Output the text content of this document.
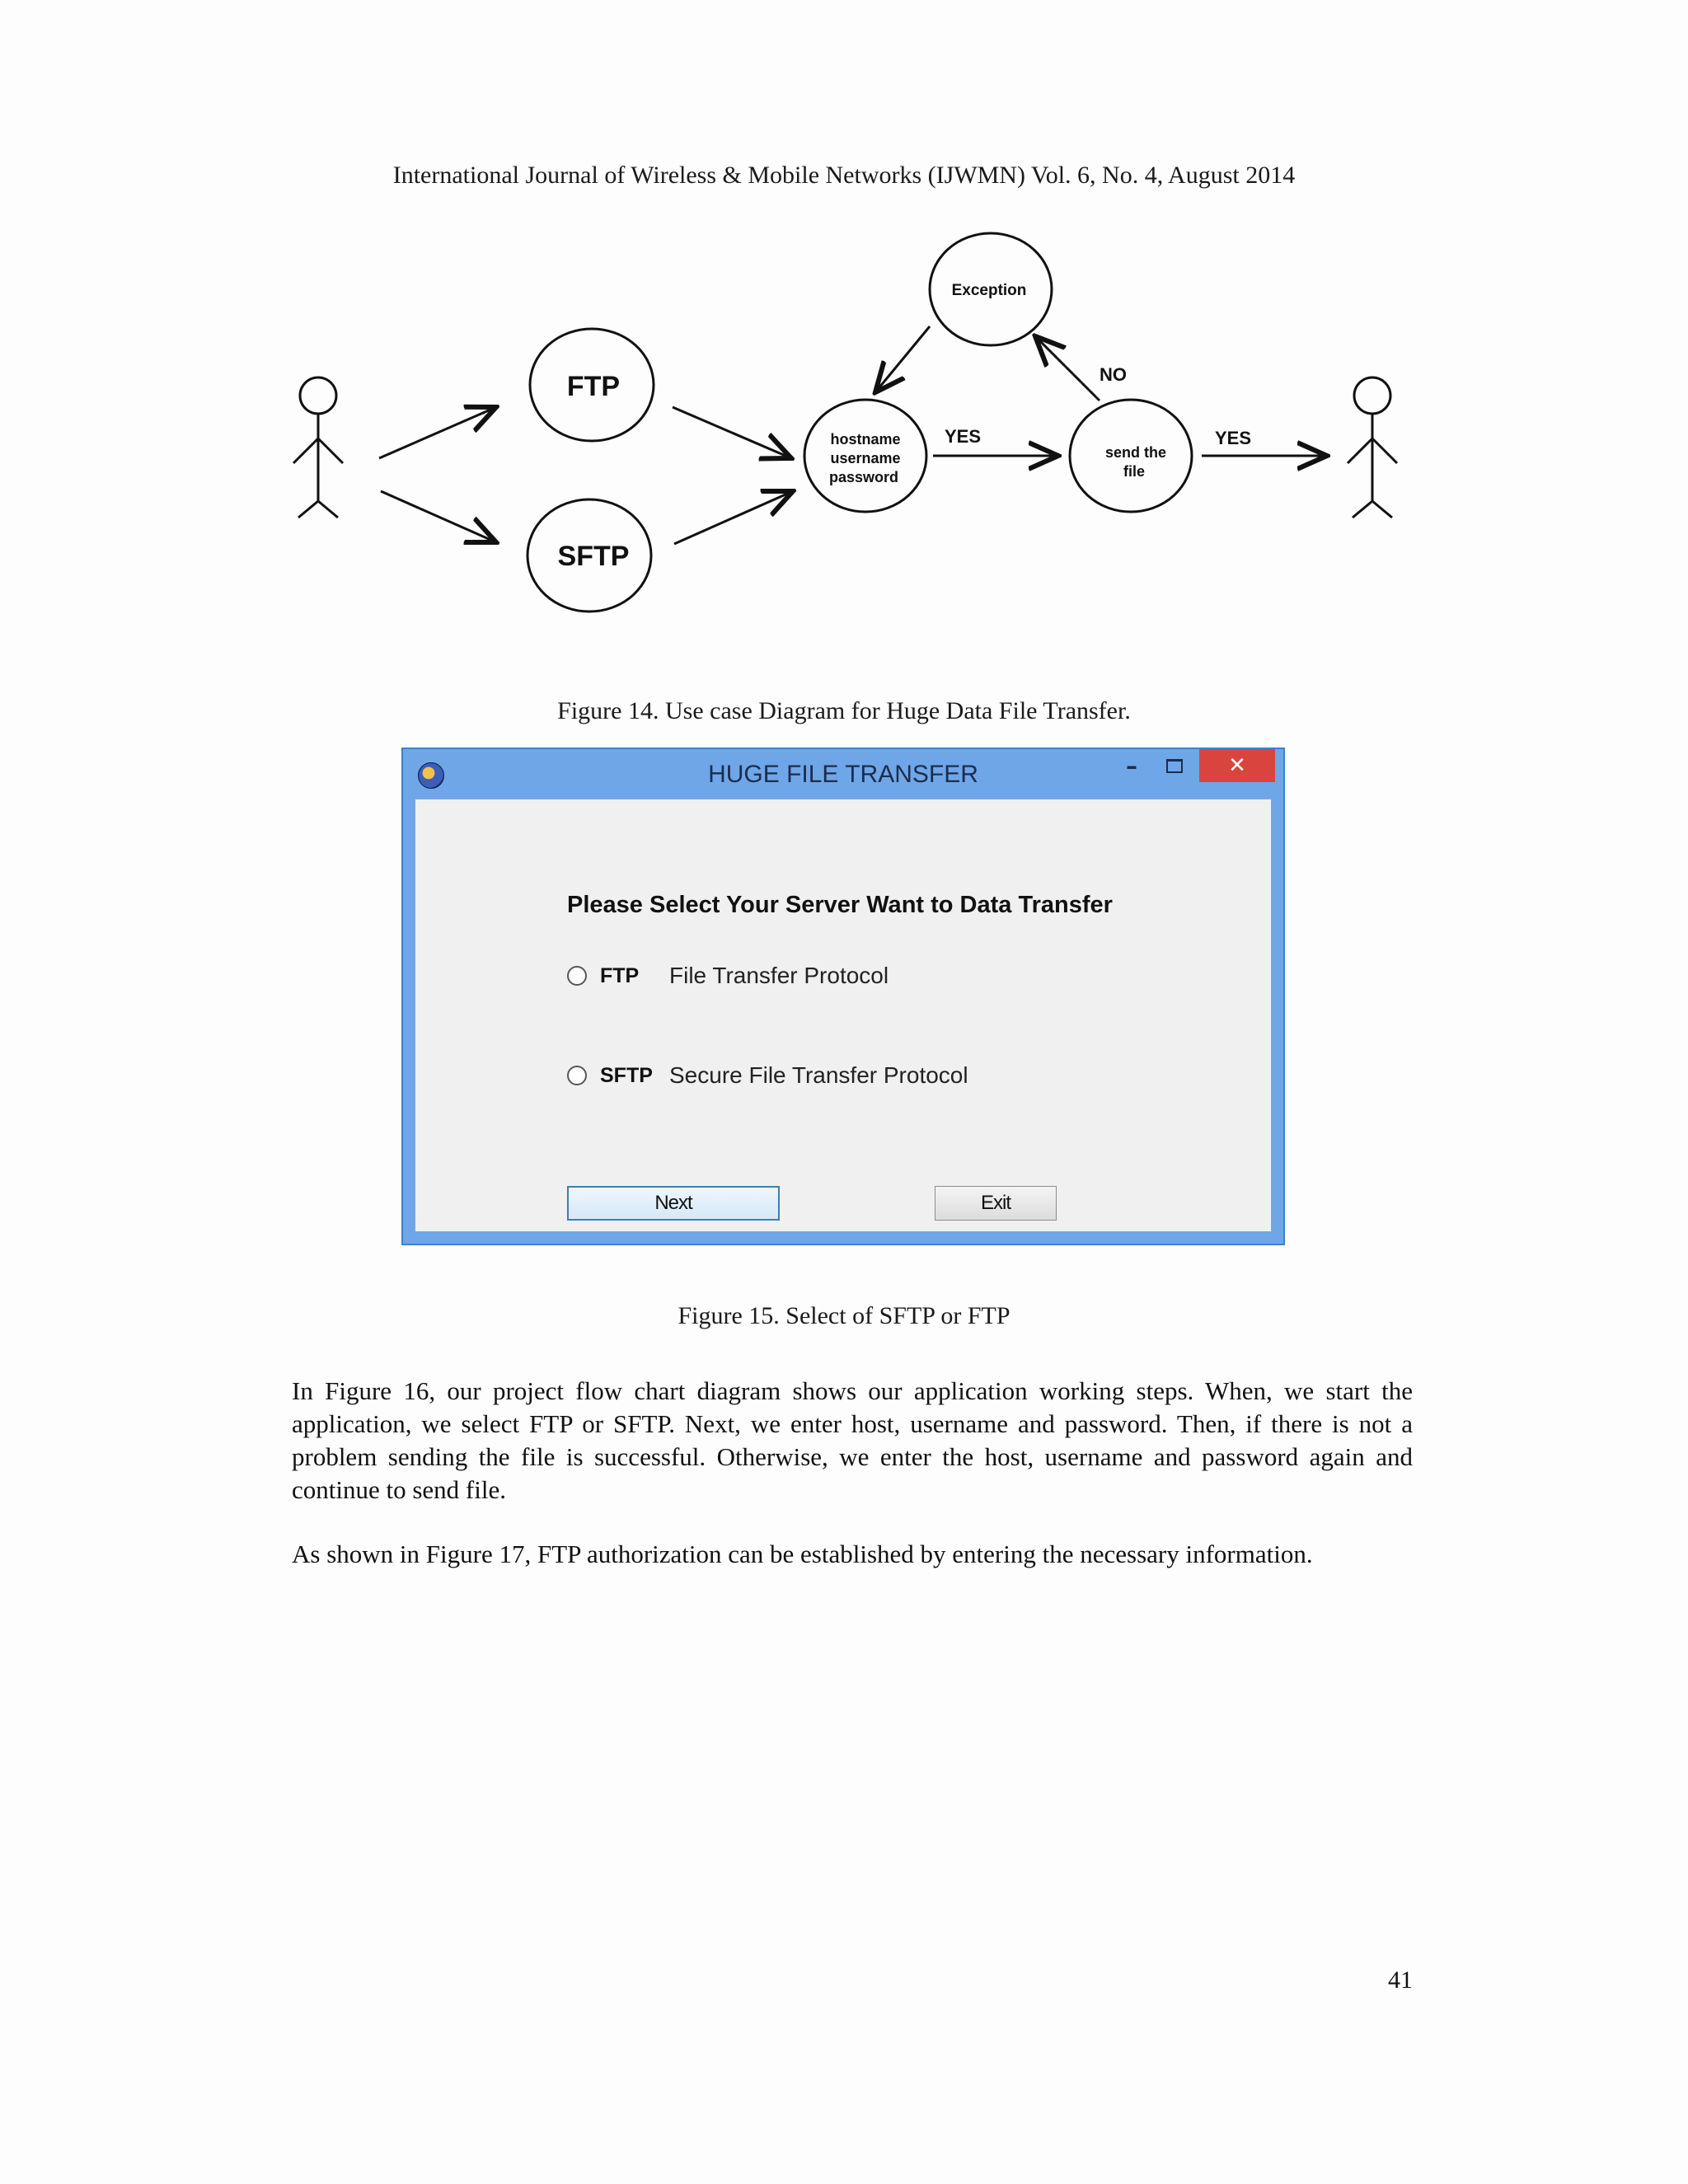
International Journal of Wireless & Mobile Networks (IJWMN) Vol. 6, No. 4, August 2014
FTP
SFTP
hostname
username
password
send the
file
Exception
YES
NO
YES
Figure 14. Use case Diagram for Huge Data File Transfer.
HUGE FILE TRANSFER	–	✕
Please Select Your Server Want to Data Transfer
FTP File Transfer Protocol
SFTP Secure File Transfer Protocol
Next	Exit
Figure 15. Select of SFTP or FTP
In Figure 16, our project flow chart diagram shows our application working steps. When, we start the application, we select FTP or SFTP. Next, we enter host, username and password. Then, if there is not a problem sending the file is successful. Otherwise, we enter the host, username and password again and continue to send file.
As shown in Figure 17, FTP authorization can be established by entering the necessary information.
41
